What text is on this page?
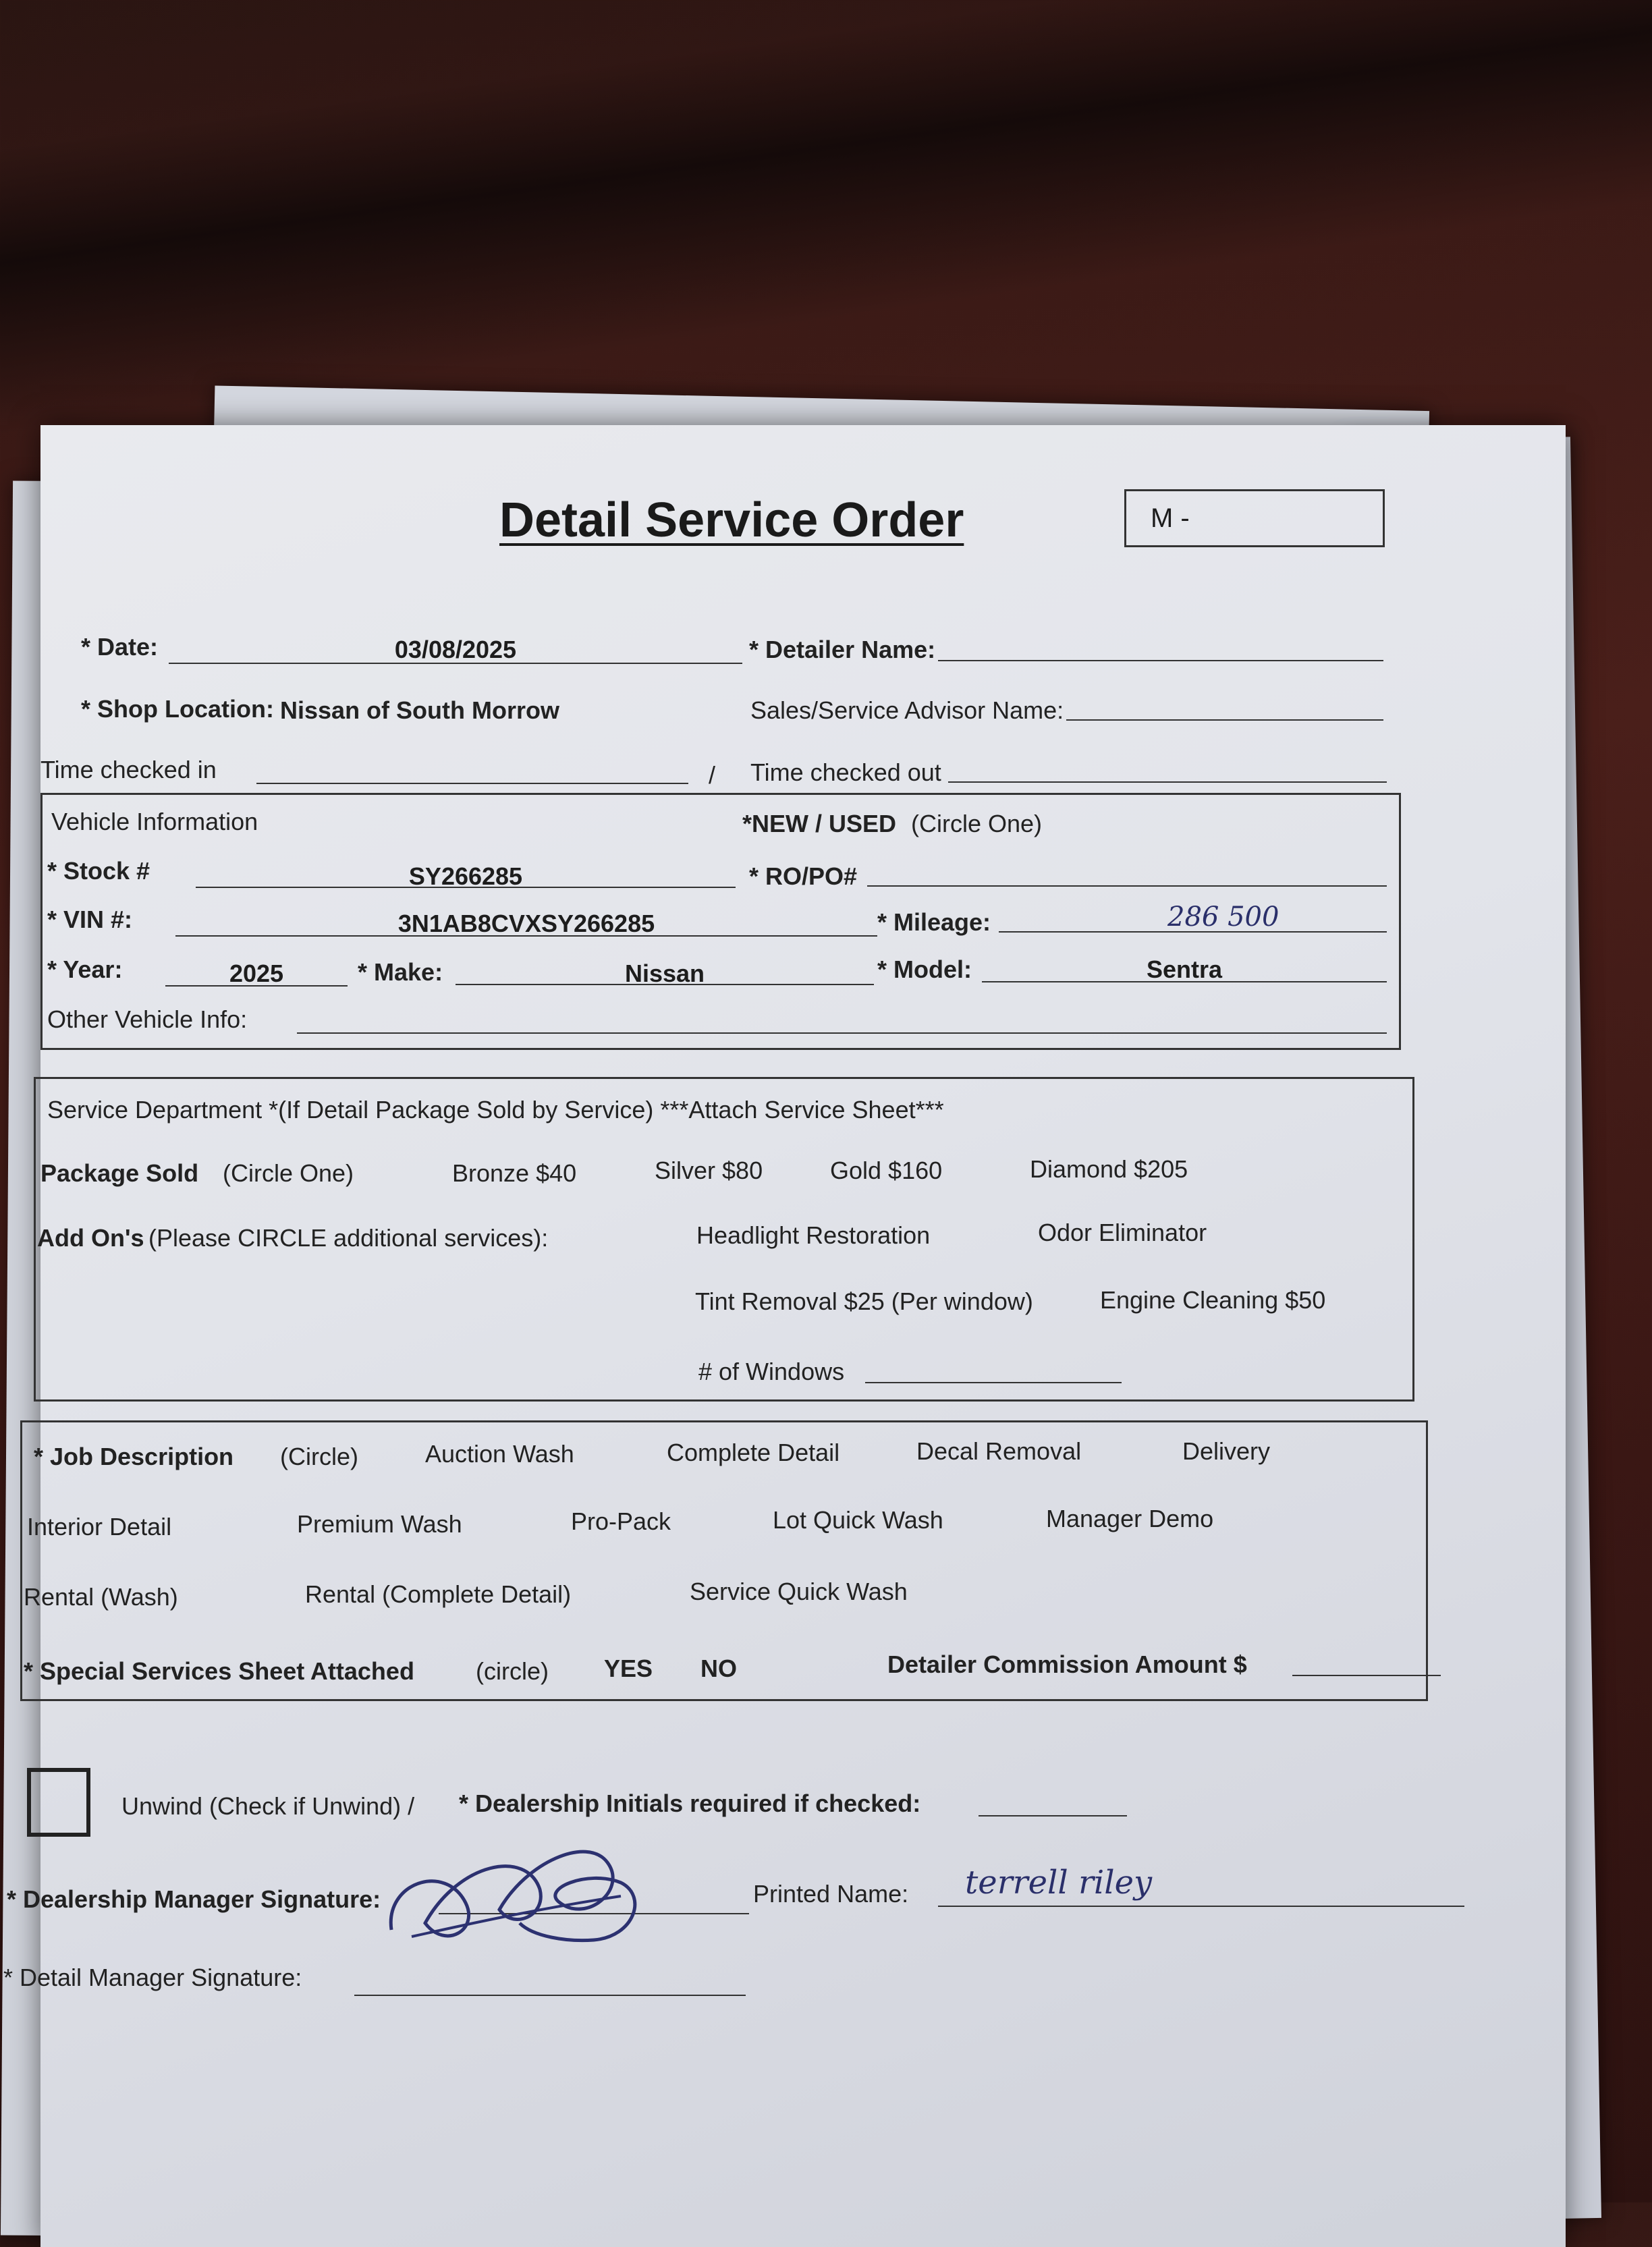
Detail Service Order	M -
* Date:	03/08/2025	* Detailer Name:
* Shop Location: Nissan of South Morrow	Sales/Service Advisor Name:
Time checked in	/ Time checked out
Vehicle Information	*NEW / USED (Circle One)
* Stock #	SY266285	* RO/PO#
* VIN #:	3N1AB8CVXSY266285	* Mileage:	286 500
* Year:	2025	* Make:	Nissan	* Model:	Sentra
Other Vehicle Info:
Service Department *(If Detail Package Sold by Service) ***Attach Service Sheet***
Package Sold (Circle One)	Bronze $40	Silver $80	Gold $160	Diamond $205
Add On's (Please CIRCLE additional services):	Headlight Restoration	Odor Eliminator
Tint Removal $25 (Per window)	Engine Cleaning $50
# of Windows
* Job Description (Circle)	Auction Wash	Complete Detail	Decal Removal	Delivery
Interior Detail	Premium Wash	Pro-Pack	Lot Quick Wash	Manager Demo
Rental (Wash)	Rental (Complete Detail)	Service Quick Wash
* Special Services Sheet Attached	(circle) YES NO	Detailer Commission Amount $
Unwind (Check if Unwind) / * Dealership Initials required if checked:
* Dealership Manager Signature:	Printed Name: terrell riley
* Detail Manager Signature:
